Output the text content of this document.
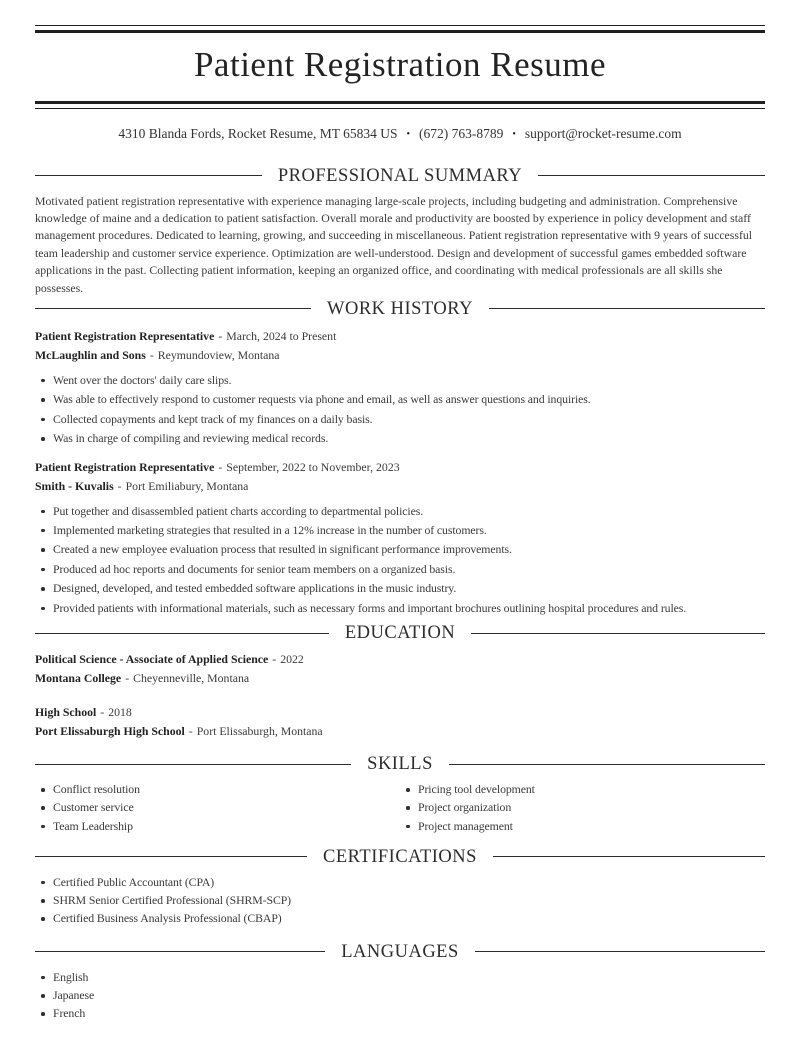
Patient Registration Resume
4310 Blanda Fords, Rocket Resume, MT 65834 US • (672) 763-8789 • support@rocket-resume.com
PROFESSIONAL SUMMARY

Motivated patient registration representative with experience managing large-scale projects, including budgeting and administration. Comprehensive knowledge of maine and a dedication to patient satisfaction. Overall morale and productivity are boosted by experience in policy development and staff management procedures. Dedicated to learning, growing, and succeeding in miscellaneous. Patient registration representative with 9 years of successful team leadership and customer service experience. Optimization are well-understood. Design and development of successful games embedded software applications in the past. Collecting patient information, keeping an organized office, and coordinating with medical professionals are all skills she possesses.

WORK HISTORY
Patient Registration Representative - March, 2024 to Present
McLaughlin and Sons - Reymundoview, Montana
Went over the doctors' daily care slips.
Was able to effectively respond to customer requests via phone and email, as well as answer questions and inquiries.
Collected copayments and kept track of my finances on a daily basis.
Was in charge of compiling and reviewing medical records.
Patient Registration Representative - September, 2022 to November, 2023
Smith - Kuvalis - Port Emiliabury, Montana
Put together and disassembled patient charts according to departmental policies.
Implemented marketing strategies that resulted in a 12% increase in the number of customers.
Created a new employee evaluation process that resulted in significant performance improvements.
Produced ad hoc reports and documents for senior team members on a organized basis.
Designed, developed, and tested embedded software applications in the music industry.
Provided patients with informational materials, such as necessary forms and important brochures outlining hospital procedures and rules.
EDUCATION
Political Science - Associate of Applied Science - 2022
Montana College - Cheyenneville, Montana
High School - 2018
Port Elissaburgh High School - Port Elissaburgh, Montana
SKILLS
Conflict resolution
Customer service
Team Leadership
Pricing tool development
Project organization
Project management
CERTIFICATIONS
Certified Public Accountant (CPA)
SHRM Senior Certified Professional (SHRM-SCP)
Certified Business Analysis Professional (CBAP)
LANGUAGES
English
Japanese
French
